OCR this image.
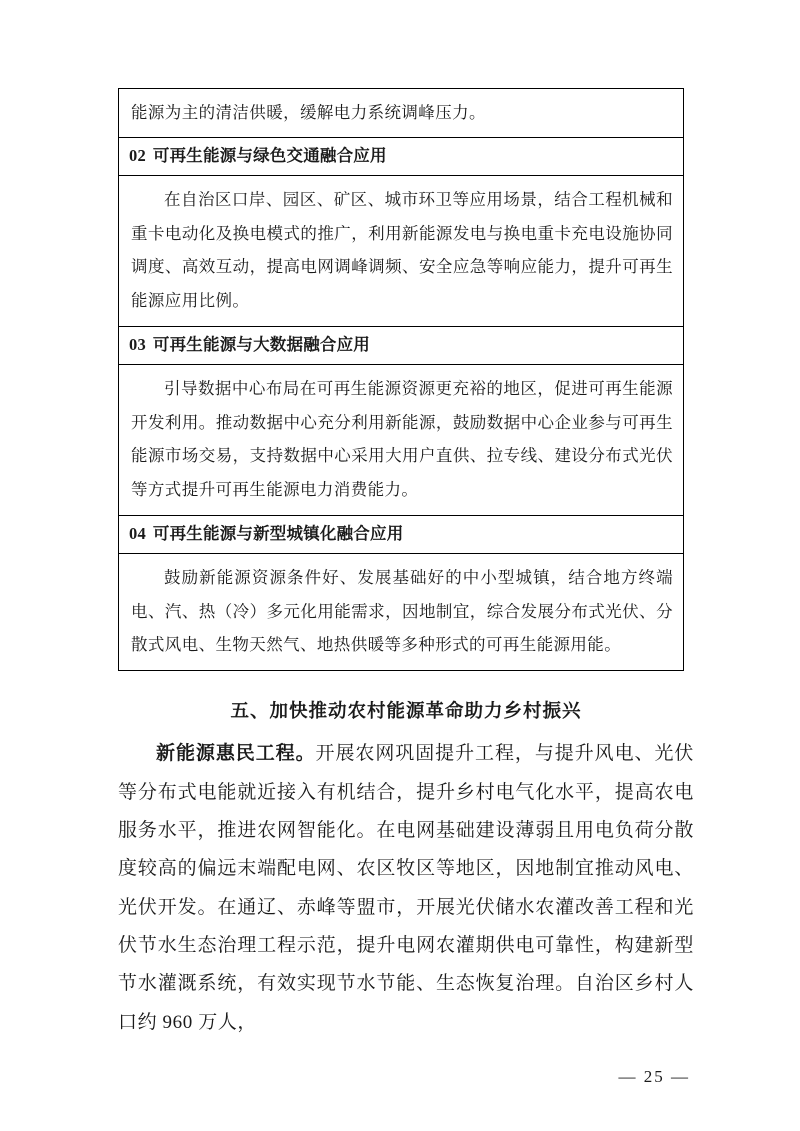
能源为主的清洁供暖，缓解电力系统调峰压力。

02 可再生能源与绿色交通融合应用

在自治区口岸、园区、矿区、城市环卫等应用场景，结合工程机械和重卡电动化及换电模式的推广，利用新能源发电与换电重卡充电设施协同调度、高效互动，提高电网调峰调频、安全应急等响应能力，提升可再生能源应用比例。

03 可再生能源与大数据融合应用

引导数据中心布局在可再生能源资源更充裕的地区，促进可再生能源开发利用。推动数据中心充分利用新能源，鼓励数据中心企业参与可再生能源市场交易，支持数据中心采用大用户直供、拉专线、建设分布式光伏等方式提升可再生能源电力消费能力。

04 可再生能源与新型城镇化融合应用

鼓励新能源资源条件好、发展基础好的中小型城镇，结合地方终端电、汽、热（冷）多元化用能需求，因地制宜，综合发展分布式光伏、分散式风电、生物天然气、地热供暖等多种形式的可再生能源用能。
五、加快推动农村能源革命助力乡村振兴

新能源惠民工程。开展农网巩固提升工程，与提升风电、光伏等分布式电能就近接入有机结合，提升乡村电气化水平，提高农电服务水平，推进农网智能化。在电网基础建设薄弱且用电负荷分散度较高的偏远末端配电网、农区牧区等地区，因地制宜推动风电、光伏开发。在通辽、赤峰等盟市，开展光伏储水农灌改善工程和光伏节水生态治理工程示范，提升电网农灌期供电可靠性，构建新型节水灌溉系统，有效实现节水节能、生态恢复治理。自治区乡村人口约 960 万人，

— 25 —
